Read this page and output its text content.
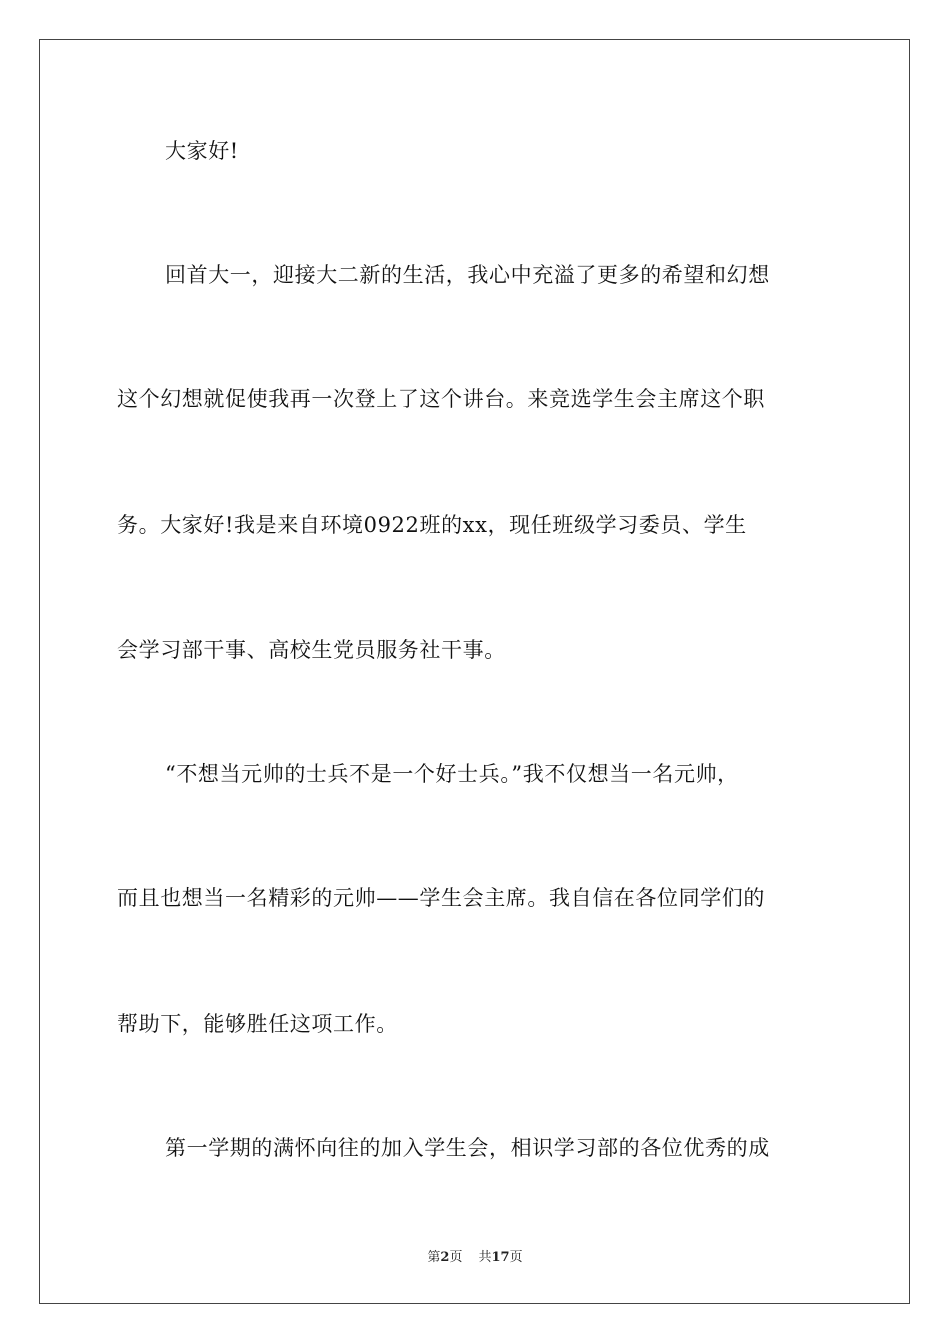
大家好!
回首大一，迎接大二新的生活，我心中充溢了更多的希望和幻想
这个幻想就促使我再一次登上了这个讲台。来竞选学生会主席这个职
务。大家好!我是来自环境0922班的xx，现任班级学习委员、学生
会学习部干事、高校生党员服务社干事。
“不想当元帅的士兵不是一个好士兵。”我不仅想当一名元帅，
而且也想当一名精彩的元帅——学生会主席。我自信在各位同学们的
帮助下，能够胜任这项工作。
第一学期的满怀向往的加入学生会，相识学习部的各位优秀的成
第2页 共17页
